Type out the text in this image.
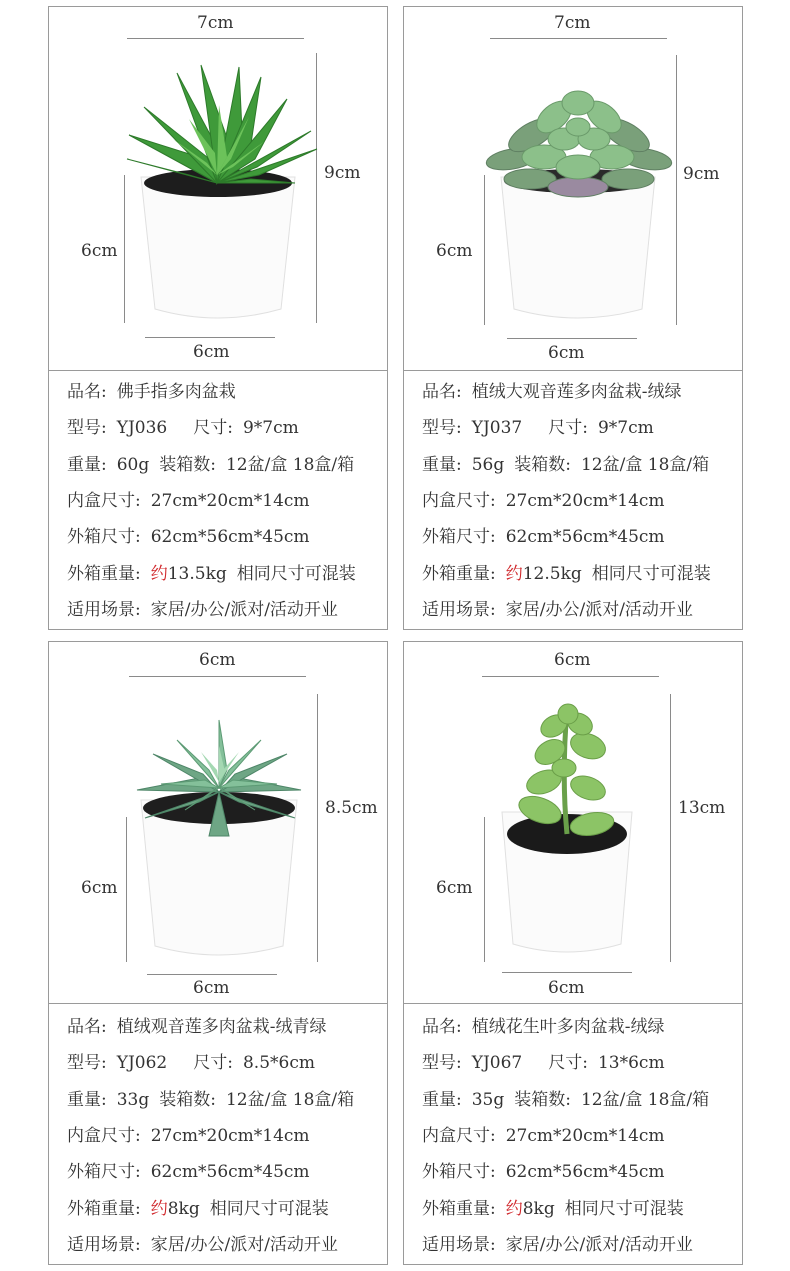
7cm
9cm
6cm
6cm
品名: 佛手指多肉盆栽
型号: YJ036 尺寸: 9*7cm
重量: 60g 装箱数: 12盆/盒 18盒/箱
内盒尺寸: 27cm*20cm*14cm
外箱尺寸: 62cm*56cm*45cm
外箱重量: 约13.5kg 相同尺寸可混装
适用场景: 家居/办公/派对/活动开业
7cm
9cm
6cm
6cm
品名: 植绒大观音莲多肉盆栽-绒绿
型号: YJ037 尺寸: 9*7cm
重量: 56g 装箱数: 12盆/盒 18盒/箱
内盒尺寸: 27cm*20cm*14cm
外箱尺寸: 62cm*56cm*45cm
外箱重量: 约12.5kg 相同尺寸可混装
适用场景: 家居/办公/派对/活动开业
6cm
8.5cm
6cm
6cm
品名: 植绒观音莲多肉盆栽-绒青绿
型号: YJ062 尺寸: 8.5*6cm
重量: 33g 装箱数: 12盆/盒 18盒/箱
内盒尺寸: 27cm*20cm*14cm
外箱尺寸: 62cm*56cm*45cm
外箱重量: 约8kg 相同尺寸可混装
适用场景: 家居/办公/派对/活动开业
6cm
13cm
6cm
6cm
品名: 植绒花生叶多肉盆栽-绒绿
型号: YJ067 尺寸: 13*6cm
重量: 35g 装箱数: 12盆/盒 18盒/箱
内盒尺寸: 27cm*20cm*14cm
外箱尺寸: 62cm*56cm*45cm
外箱重量: 约8kg 相同尺寸可混装
适用场景: 家居/办公/派对/活动开业
